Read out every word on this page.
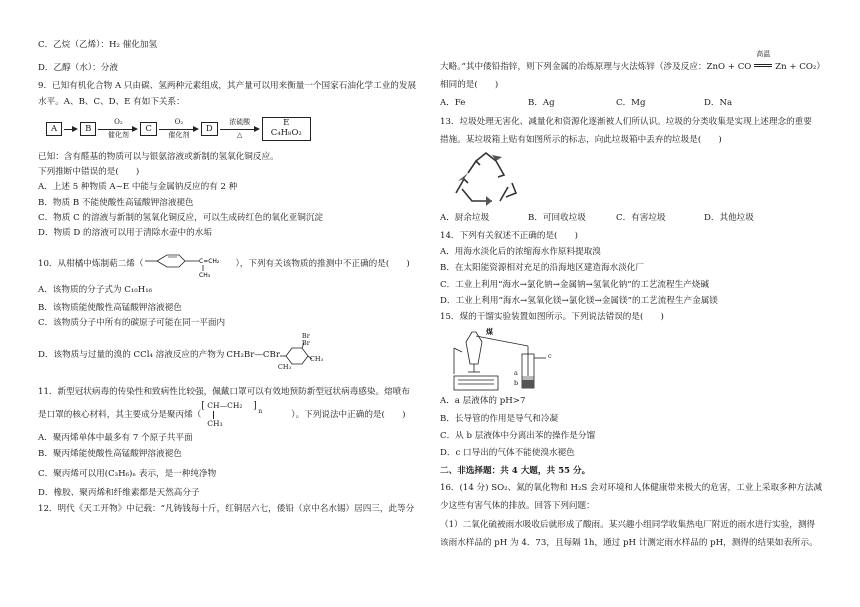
C．乙烷（乙烯）：H₂ 催化加氢
D．乙醇（水）：分液
9．已知有机化合物 A 只由碳、氢两种元素组成，其产量可以用来衡量一个国家石油化学工业的发展
水平。A、B、C、D、E 有如下关系：
A	B
O₂
催化剂
C
O₂
催化剂
D
浓硫酸
△
E
C₄H₈O₂
已知：含有醛基的物质可以与银氨溶液或新制的氢氧化铜反应。
下列推断中错误的是(　　)
A．上述 5 种物质 A~E 中能与金属钠反应的有 2 种
B．物质 B 不能使酸性高锰酸钾溶液褪色
C．物质 C 的溶液与新制的氢氧化铜反应，可以生成砖红色的氧化亚铜沉淀
D．物质 D 的溶液可以用于清除水壶中的水垢
10．从柑橘中炼制萜二烯（	C=CH₂
CH₃
），下列有关该物质的推测中不正确的是(　　)
A．该物质的分子式为 C₁₀H₁₆
B．该物质能使酸性高锰酸钾溶液褪色
C．该物质分子中所有的碳原子可能在同一平面内
D．该物质与过量的溴的 CCl₄ 溶液反应的产物为 CH₂Br—CBr
Br
Br
CH₃
CH₃
11．新型冠状病毒的传染性和致病性比较强，佩戴口罩可以有效地预防新型冠状病毒感染。熔喷布
是口罩的核心材料，其主要成分是聚丙烯（
[ CH—CH₂ ]
n
CH₃
）。下列说法中正确的是(　　)
A．聚丙烯单体中最多有 7 个原子共平面
B．聚丙烯能使酸性高锰酸钾溶液褪色
C．聚丙烯可以用(C₃H₆)ₙ 表示，是一种纯净物
D．橡胶、聚丙烯和纤维素都是天然高分子
12．明代《天工开物》中记载：“凡铸钱每十斤，红铜居六七，倭铅（京中名水锡）居四三，此等分
大略。”其中倭铅指锌，则下列金属的冶炼原理与火法炼锌（涉及反应：ZnO + CO
高温
Zn + CO₂ ）
相同的是(　　)
A．Fe	B．Ag	C．Mg	D．Na
13．垃圾处理无害化、减量化和资源化逐渐被人们所认识。垃圾的分类收集是实现上述理念的重要
措施。某垃圾箱上贴有如图所示的标志，向此垃圾箱中丢弃的垃圾是(　　)
A．厨余垃圾	B．可回收垃圾	C．有害垃圾	D．其他垃圾
14．下列有关叙述不正确的是(　　)
A．用海水淡化后的浓缩海水作原料提取溴
B．在太阳能资源相对充足的沿海地区建造海水淡化厂
C．工业上利用“海水→氯化钠→金属钠→氢氧化钠”的工艺流程生产烧碱
D．工业上利用“海水→氢氧化镁→氯化镁→金属镁”的工艺流程生产金属镁
15．煤的干馏实验装置如图所示。下列说法错误的是(　　)
煤
a
b
c
A．a 层液体的 pH>7
B．长导管的作用是导气和冷凝
C．从 b 层液体中分离出苯的操作是分馏
D．c 口导出的气体不能使溴水褪色
二、非选择题：共 4 大题，共 55 分。
16．(14 分) SO₂、氮的氧化物和 H₂S 会对环境和人体健康带来极大的危害，工业上采取多种方法减
少这些有害气体的排放。回答下列问题：
（1）二氧化硫被雨水吸收后就形成了酸雨。某兴趣小组同学收集热电厂附近的雨水进行实验，测得
该雨水样品的 pH 为 4．73，且每隔 1h，通过 pH 计测定雨水样品的 pH，测得的结果如表所示。
